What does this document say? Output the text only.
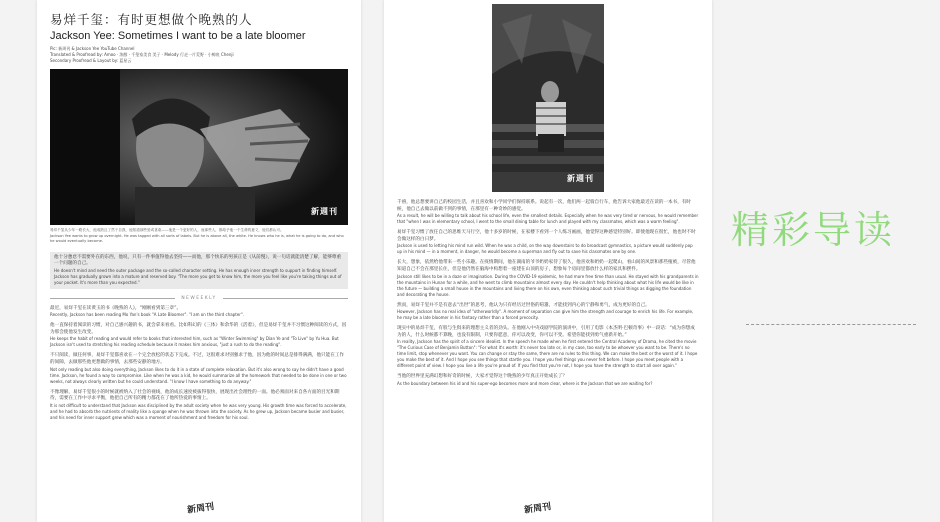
易烊千玺：有时更想做个晚熟的人
Jackson Yee: Sometimes I want to be a late bloomer
Pic: 新周刊 & Jackson Yee YouTube Channel
Translated & Proofread by: Amoo · 浓醇 · 千玺家美食 美子 · Melody 行走一片荒野 · 小鲸鱼 Chenji
Secondary Proofread & Layout by: 蓝星云
新週刊
易烊千玺从少年一路长大，他成熟且了然于自我，他知道那些爱或喜欢——他是一个更好的人，而那些人，都给予他一个生命的意义，他们都认可。
Jackson Yee wants to grow up overnight. He was tagged with all sorts of labels. But he is above all, the white. He knows who he is, what he is going to do, and who he would eventually become.
他十分惫怠不需要外在的东西，他说，只有一件事值得他去坚持——而他，那个快乐的男孩正是《从前慢》，说一句话就能清楚了解，能够尊重一个问题的自己。
He doesn't mind and need the outer package and the so-called character setting. He has enough inner strength to support in finding himself. Jackson has gradually grown into a mature and reserved boy. "The more you get to know him, the more you feel like you're taking things out of your pocket. It's more than you expected."
NEWEEKLY
最近，易烊千玺在读黄玉的书《晚熟的人》，“刚刚看到第三章”。
Recently, Jackson has been reading Mo Yan's book "A Late Bloomer". "I am on the third chapter".
他一直保持着阅读的习惯，对自己感兴趣的书，就会拿来看看。比如科幻的《三体》和余华的《活着》，但是易烊千玺并不习惯这种阅读的方式，因为那会使他发生改变。
He keeps the habit of reading and would refer to books that interested him, such as "Winter Swimming" by Dian Ye and "To Live" by Yu Hua. But Jackson isn't used to stretching his reading schedule because it makes him anxious, "just a rush to do the reading".
不只阅读，做任何事，易烊千玺都喜欢在一个完全放松的状态下完成。不过，这很难求对别强求于他，因为他的时间总是排得满满，他只能在工作的间隙，去做那些他更想做的事情，去那些安静的地方。
Not only reading but also doing everything, Jackson likes to do it in a state of complete relaxation. But it's also wrong to say he didn't have a good time. Jackson, he found a way to compromise. Like when he was a kid, he would summarize all the homework that needed to be done in one or two weeks, not always clearly written but he could understand. "I know I have something to do anyway."
不像理解，易烊千玺很小的时候就被纳入了社会的视线，他的成长速度被拔得很快，展现出社会理性的一面。他必须面对来自各方面的目光和期待，需要在工作中寻求平衡，他把自己所有的精力都花在了他所热爱的事情上。
It is not difficult to understand that Jackson was disciplined by the adult society when he was very young. His growth time was forced to accelerate, and he had to absorb the nutrients of reality like a sponge when he was thrown into the society. As he grew up, Jackson became busier and busier, and his need for inner support grew which was a moment of nourishment and freedom for his soul.
新周刊
新週刊
千禧，他总想要讲自己的校园生活，并且喜欢和小学同学们保持联系。说起有一次，他们两一起骑自行车，他告诉大家他最近在读的一本书，有时候，他自己去做以前做不到的事情，在那里有一种奇妙的感觉。
As a result, he will be willing to talk about his school life, even the smallest details. Especially when he was very tired or nervous, he would remember that "when I was in elementary school, I went to the small dining table for lunch and played with my classmates, which was a warm feeling".
易烊千玺习惯了放任自己的思维天马行空，他十多岁的时候，在家楼下看到一个人练习画画，他觉得这种感觉特别好。即使他现在很忙，他也时不时会做这样的白日梦。
Jackson is used to letting his mind run wild. When he was a child, on the way downstairs to do broadcast gymnastics, a picture would suddenly pop up in his mind — in a moment, in danger, he would become a superman and fly out to save his classmates one by one.
长大，想象，依然给他带来一些小乐趣。在疫情期间，他在湖南的爷爷奶奶家待了很久，他喜欢和奶奶一起爬山，看山间的风景和那些植被，尽管他知道自己不会在那里长住，但是他仍然在脑海中构想着一座建在山顶的房子，想象每个房间里都放什么样的家具和摆件。
Jackson still likes to be in a daze or imagination. During the COVID-19 epidemic, he had more free time than usual. He stayed with his grandparents in the mountains in Hunan for a while, and he went to climb mountains almost every day. He couldn't help thinking about what his life would be like in the future — building a small house in the mountains and living there on his own, even thinking about such trivial things as digging the foundation and decorating the house.
然而，易烊千玺并不是有意去“出世”的思考，他认为只有经历过世俗的喧嚣，才能找到内心的宁静和勇气，成为更好的自己。
However, Jackson has no real idea of "otherworldly". A moment of separation can give him the strength and courage to enrich his life. For example, he may be a late bloomer in his fantasy rather than a forced precocity.
现实中的易烊千玺，有股与生俱来的理想主义者的劲头。在他刚入中央戏剧学院的演讲中，引用了电影《本杰明·巴顿奇事》中一段话：“成为你想成为的人，什么时候都不算晚，也没有限制，只要你愿意，你可以改变，你可以不变。希望你能找到勇气重新开始。”
In reality, Jackson has the spirit of a sincere idealist. In the speech he made when he first entered the Central Academy of Drama, he cited the movie "The Curious Case of Benjamin Button": "For what it's worth: it's never too late or, in my case, too early to be whoever you want to be. There's no time limit, stop whenever you want. You can change or stay the same, there are no rules to this thing. We can make the best or the worst of it. I hope you make the best of it. And I hope you see things that startle you. I hope you feel things you never felt before. I hope you meet people with a different point of view. I hope you live a life you're proud of. If you find that you're not, I hope you have the strength to start all over again."
当他的世界里充满幻想和好奇的时候，大家才觉得这个晚熟的少年真正开始成长了？
As the boundary between his id and his super-ego becomes more and more clear, where is the Jackson that we are waiting for?
新周刊
精彩导读
